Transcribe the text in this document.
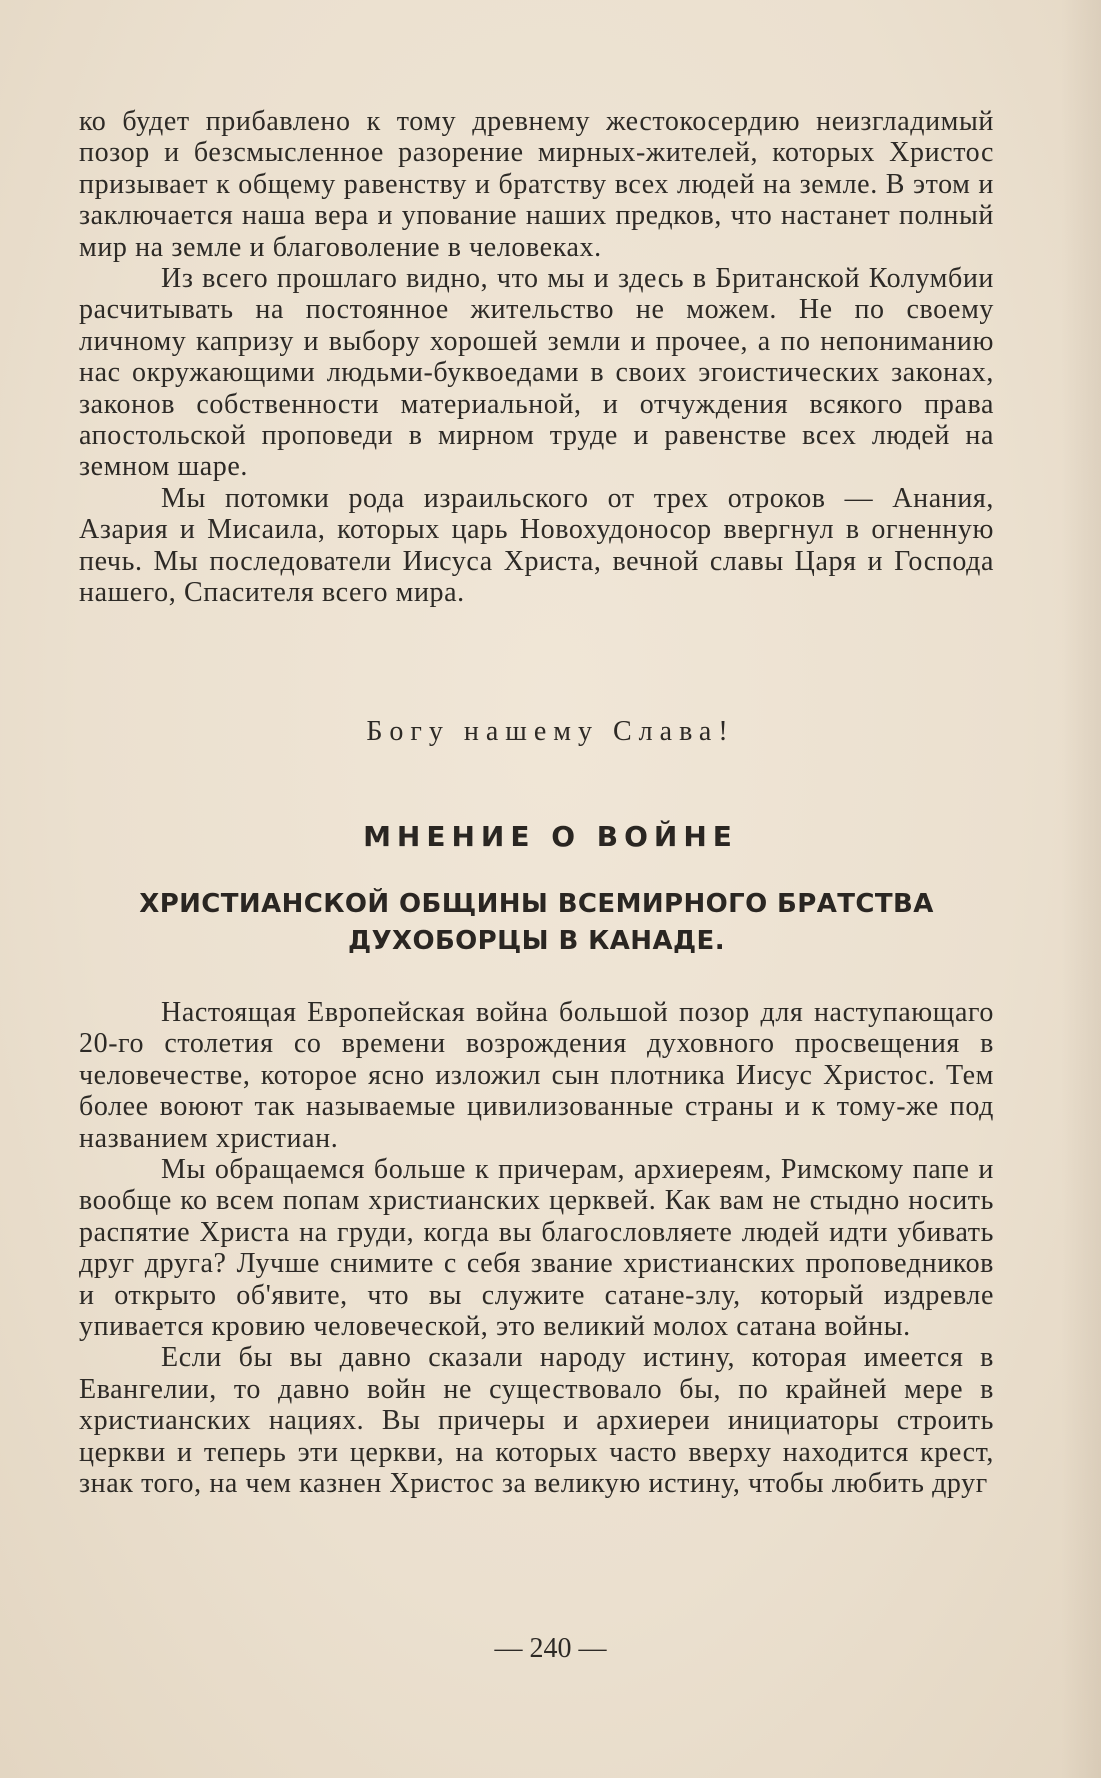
ко будет прибавлено к тому древнему жестокосердию неизгладимый позор и безсмысленное разорение мирных-жителей, которых Христос призывает к общему равенству и братству всех людей на земле. В этом и заключается наша вера и упование наших предков, что настанет полный мир на земле и благоволение в человеках.

Из всего прошлаго видно, что мы и здесь в Британской Колумбии расчитывать на постоянное жительство не можем. Не по своему личному капризу и выбору хорошей земли и прочее, а по непониманию нас окружающими людьми-буквоедами в своих эгоистических законах, законов собственности материальной, и отчуждения всякого права апостольской проповеди в мирном труде и равенстве всех людей на земном шаре.

Мы потомки рода израильского от трех отроков — Анания, Азария и Мисаила, которых царь Новохудоносор ввергнул в огненную печь. Мы последователи Иисуса Христа, вечной славы Царя и Господа нашего, Спасителя всего мира.

Богу нашему Слава!
МНЕНИЕ О ВОЙНЕ
ХРИСТИАНСКОЙ ОБЩИНЫ ВСЕМИРНОГО БРАТСТВА
ДУХОБОРЦЫ В КАНАДЕ.

Настоящая Европейская война большой позор для наступающаго 20-го столетия со времени возрождения духовного просвещения в человечестве, которое ясно изложил сын плотника Иисус Христос. Тем более воюют так называемые цивилизованные страны и к тому-же под названием христиан.

Мы обращаемся больше к причерам, архиереям, Римскому папе и вообще ко всем попам христианских церквей. Как вам не стыдно носить распятие Христа на груди, когда вы благословляете людей идти убивать друг друга? Лучше снимите с себя звание христианских проповедников и открыто об'явите, что вы служите сатане-злу, который издревле упивается кровию человеческой, это великий молох сатана войны.

Если бы вы давно сказали народу истину, которая имеется в Евангелии, то давно войн не существовало бы, по крайней мере в христианских нациях. Вы причеры и архиереи инициаторы строить церкви и теперь эти церкви, на которых часто вверху находится крест, знак того, на чем казнен Христос за великую истину, чтобы любить друг

— 240 —
